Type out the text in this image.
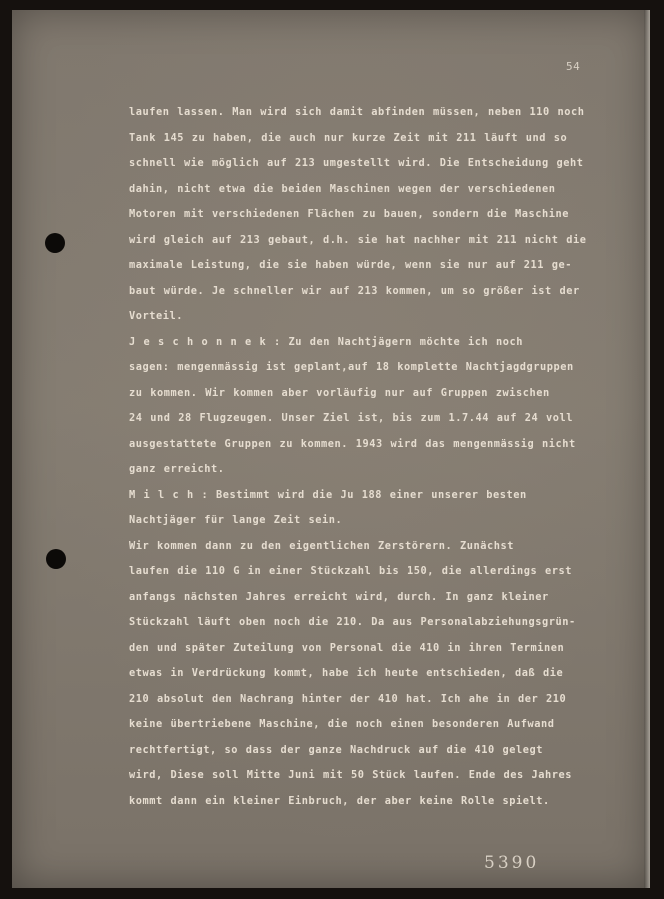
54
laufen lassen. Man wird sich damit abfinden müssen, neben 110 noch
Tank 145 zu haben, die auch nur kurze Zeit mit 211 läuft und so
schnell wie möglich auf 213 umgestellt wird. Die Entscheidung geht
dahin, nicht etwa die beiden Maschinen wegen der verschiedenen
Motoren mit verschiedenen Flächen zu bauen, sondern die Maschine
wird gleich auf 213 gebaut, d.h. sie hat nachher mit 211 nicht die
maximale Leistung, die sie haben würde, wenn sie nur auf 211 ge-
baut würde. Je schneller wir auf 213 kommen, um so größer ist der
Vorteil.
J e s c h o n n e k : Zu den Nachtjägern möchte ich noch
sagen: mengenmässig ist geplant,auf 18 komplette Nachtjagdgruppen
zu kommen. Wir kommen aber vorläufig nur auf Gruppen zwischen
24 und 28 Flugzeugen. Unser Ziel ist, bis zum 1.7.44 auf 24 voll
ausgestattete Gruppen zu kommen. 1943 wird das mengenmässig nicht
ganz erreicht.
M i l c h : Bestimmt wird die Ju 188 einer unserer besten
Nachtjäger für lange Zeit sein.
Wir kommen dann zu den eigentlichen Zerstörern. Zunächst
laufen die 110 G in einer Stückzahl bis 150, die allerdings erst
anfangs nächsten Jahres erreicht wird, durch. In ganz kleiner
Stückzahl läuft oben noch die 210. Da aus Personalabziehungsgrün-
den und später Zuteilung von Personal die 410 in ihren Terminen
etwas in Verdrückung kommt, habe ich heute entschieden, daß die
210 absolut den Nachrang hinter der 410 hat. Ich ahe in der 210
keine übertriebene Maschine, die noch einen besonderen Aufwand
rechtfertigt, so dass der ganze Nachdruck auf die 410 gelegt
wird, Diese soll Mitte Juni mit 50 Stück laufen. Ende des Jahres
kommt dann ein kleiner Einbruch, der aber keine Rolle spielt.
5390
